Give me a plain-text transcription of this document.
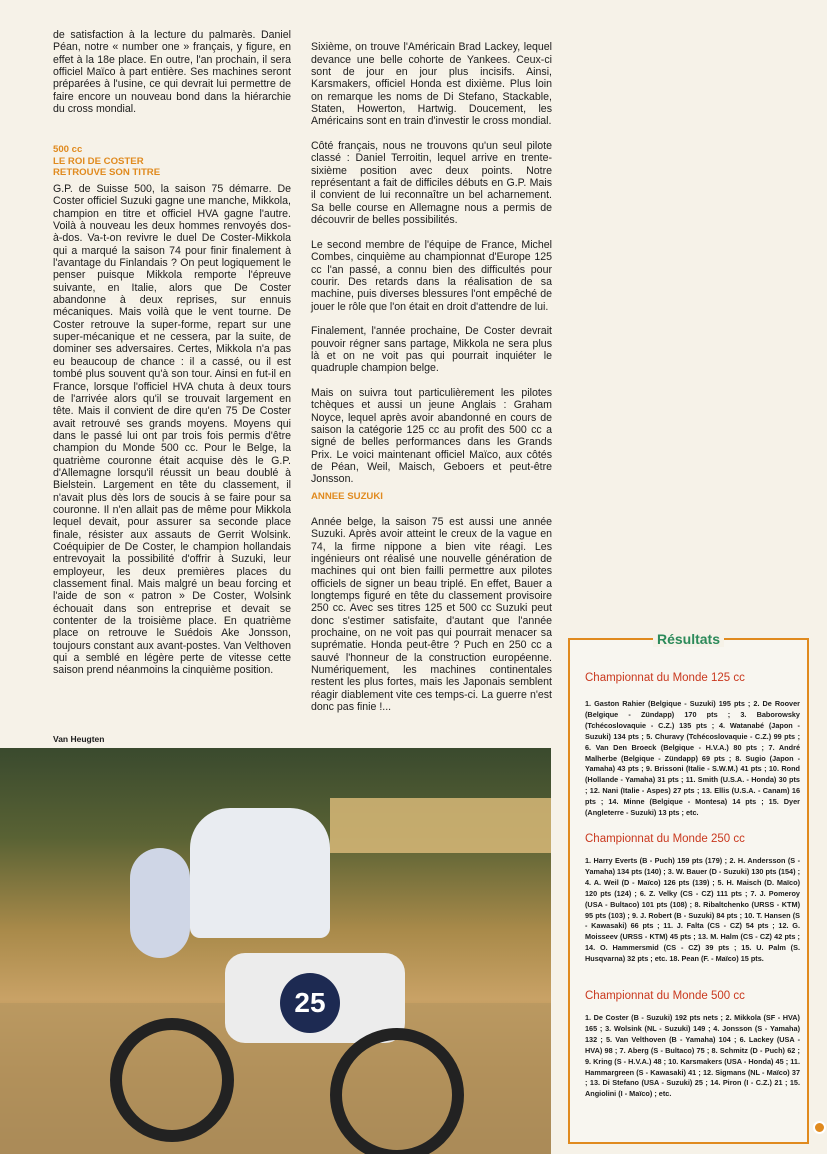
de satisfaction à la lecture du palmarès. Daniel Péan, notre « number one » français, y figure, en effet à la 18e place. En outre, l'an prochain, il sera officiel Maïco à part entière. Ses machines seront préparées à l'usine, ce qui devrait lui permettre de faire encore un nouveau bond dans la hiérarchie du cross mondial.
500 cc
LE ROI DE COSTER
RETROUVE SON TITRE
G.P. de Suisse 500, la saison 75 démarre. De Coster officiel Suzuki gagne une manche, Mikkola, champion en titre et officiel HVA gagne l'autre. Voilà à nouveau les deux hommes renvoyés dos-à-dos. Va-t-on revivre le duel De Coster-Mikkola qui a marqué la saison 74 pour finir finalement à l'avantage du Finlandais ? On peut logiquement le penser puisque Mikkola remporte l'épreuve suivante, en Italie, alors que De Coster abandonne à deux reprises, sur ennuis mécaniques. Mais voilà que le vent tourne. De Coster retrouve la super-forme, repart sur une super-mécanique et ne cessera, par la suite, de dominer ses adversaires. Certes, Mikkola n'a pas eu beaucoup de chance : il a cassé, ou il est tombé plus souvent qu'à son tour. Ainsi en fut-il en France, lorsque l'officiel HVA chuta à deux tours de l'arrivée alors qu'il se trouvait largement en tête. Mais il convient de dire qu'en 75 De Coster avait retrouvé ses grands moyens. Moyens qui dans le passé lui ont par trois fois permis d'être champion du Monde 500 cc. Pour le Belge, la quatrième couronne était acquise dès le G.P. d'Allemagne lorsqu'il réussit un beau doublé à Bielstein. Largement en tête du classement, il n'avait plus dès lors de soucis à se faire pour sa couronne. Il n'en allait pas de même pour Mikkola lequel devait, pour assurer sa seconde place finale, résister aux assauts de Gerrit Wolsink. Coéquipier de De Coster, le champion hollandais entrevoyait la possibilité d'offrir à Suzuki, leur employeur, les deux premières places du classement final. Mais malgré un beau forcing et l'aide de son « patron » De Coster, Wolsink échouait dans son entreprise et devait se contenter de la troisième place. En quatrième place on retrouve le Suédois Ake Jonsson, toujours constant aux avant-postes. Van Velthoven qui a semblé en légère perte de vitesse cette saison prend néanmoins la cinquième position.
Van Heugten

Sixième, on trouve l'Américain Brad Lackey, lequel devance une belle cohorte de Yankees. Ceux-ci sont de jour en jour plus incisifs. Ainsi, Karsmakers, officiel Honda est dixième. Plus loin on remarque les noms de Di Stefano, Stackable, Staten, Howerton, Hartwig. Doucement, les Américains sont en train d'investir le cross mondial.

Côté français, nous ne trouvons qu'un seul pilote classé : Daniel Terroitin, lequel arrive en trente-sixième position avec deux points. Notre représentant a fait de difficiles débuts en G.P. Mais il convient de lui reconnaître un bel acharnement. Sa belle course en Allemagne nous a permis de découvrir de belles possibilités.

Le second membre de l'équipe de France, Michel Combes, cinquième au championnat d'Europe 125 cc l'an passé, a connu bien des difficultés pour courir. Des retards dans la réalisation de sa machine, puis diverses blessures l'ont empêché de jouer le rôle que l'on était en droit d'attendre de lui.

Finalement, l'année prochaine, De Coster devrait pouvoir régner sans partage, Mikkola ne sera plus là et on ne voit pas qui pourrait inquiéter le quadruple champion belge.

Mais on suivra tout particulièrement les pilotes tchèques et aussi un jeune Anglais : Graham Noyce, lequel après avoir abandonné en cours de saison la catégorie 125 cc au profit des 500 cc a signé de belles performances dans les Grands Prix. Le voici maintenant officiel Maïco, aux côtés de Péan, Weil, Maisch, Geboers et peut-être Jonsson.

ANNEE SUZUKI
Année belge, la saison 75 est aussi une année Suzuki. Après avoir atteint le creux de la vague en 74, la firme nippone a bien vite réagi. Les ingénieurs ont réalisé une nouvelle génération de machines qui ont bien failli permettre aux pilotes officiels de signer un beau triplé. En effet, Bauer a longtemps figuré en tête du classement provisoire 250 cc. Avec ses titres 125 et 500 cc Suzuki peut donc s'estimer satisfaite, d'autant que l'année prochaine, on ne voit pas qui pourrait menacer sa suprématie. Honda peut-être ? Puch en 250 cc a sauvé l'honneur de la construction européenne. Numériquement, les machines continentales restent les plus fortes, mais les Japonais semblent réagir diablement vite ces temps-ci. La guerre n'est donc pas finie !...
25
Résultats
Championnat du Monde 125 cc
1. Gaston Rahier (Belgique - Suzuki) 195 pts ; 2. De Roover (Belgique - Zündapp) 170 pts ; 3. Baborowsky (Tchécoslovaquie - C.Z.) 135 pts ; 4. Watanabé (Japon - Suzuki) 134 pts ; 5. Churavy (Tchécoslovaquie - C.Z.) 99 pts ; 6. Van Den Broeck (Belgique - H.V.A.) 80 pts ; 7. André Malherbe (Belgique - Zündapp) 69 pts ; 8. Sugio (Japon - Yamaha) 43 pts ; 9. Brissoni (Italie - S.W.M.) 41 pts ; 10. Rond (Hollande - Yamaha) 31 pts ; 11. Smith (U.S.A. - Honda) 30 pts ; 12. Nani (Italie - Aspes) 27 pts ; 13. Ellis (U.S.A. - Canam) 16 pts ; 14. Minne (Belgique - Montesa) 14 pts ; 15. Dyer (Angleterre - Suzuki) 13 pts ; etc.
Championnat du Monde 250 cc
1. Harry Everts (B - Puch) 159 pts (179) ; 2. H. Andersson (S - Yamaha) 134 pts (140) ; 3. W. Bauer (D - Suzuki) 130 pts (154) ; 4. A. Weil (D - Maïco) 126 pts (139) ; 5. H. Maisch (D. Maïco) 120 pts (124) ; 6. Z. Velky (CS - CZ) 111 pts ; 7. J. Pomeroy (USA - Bultaco) 101 pts (108) ; 8. Ribaltchenko (URSS - KTM) 95 pts (103) ; 9. J. Robert (B - Suzuki) 84 pts ; 10. T. Hansen (S - Kawasaki) 66 pts ; 11. J. Falta (CS - CZ) 54 pts ; 12. G. Moisseev (URSS - KTM) 45 pts ; 13. M. Halm (CS - CZ) 42 pts ; 14. O. Hammersmid (CS - CZ) 39 pts ; 15. U. Palm (S. Husqvarna) 32 pts ; etc. 18. Pean (F. - Maïco) 15 pts.
Championnat du Monde 500 cc
1. De Coster (B - Suzuki) 192 pts nets ; 2. Mikkola (SF - HVA) 165 ; 3. Wolsink (NL - Suzuki) 149 ; 4. Jonsson (S - Yamaha) 132 ; 5. Van Velthoven (B - Yamaha) 104 ; 6. Lackey (USA - HVA) 98 ; 7. Aberg (S - Bultaco) 75 ; 8. Schmitz (D - Puch) 62 ; 9. Kring (S - H.V.A.) 48 ; 10. Karsmakers (USA - Honda) 45 ; 11. Hammargreen (S - Kawasaki) 41 ; 12. Sigmans (NL - Maïco) 37 ; 13. Di Stefano (USA - Suzuki) 25 ; 14. Piron (I - C.Z.) 21 ; 15. Angiolini (I - Maïco) ; etc.
